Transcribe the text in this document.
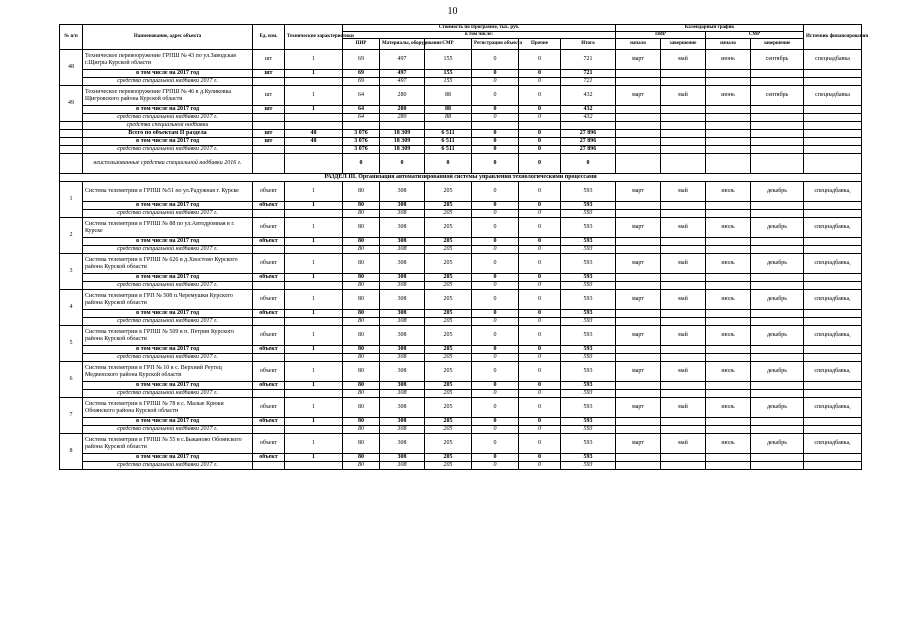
10
№ п/п	Наименование, адрес объекта	Ед. изм.	Технические характеристики	Стоимость по Программе, тыс. руб.						Календарный график				Источник финансирования
				в том числе:						ПИР		СМР		
				ПИР	Материалы, оборудование	СМР	Регистрация объекта	Прочие	Итого	начало	завершение	начало	завершение	
48	Техническое перевооружение ГРПШ № 43 по ул.Заводская г.Щигры Курской области	шт	1	69	497	155	0	0	721	март	май	июнь	сентябрь	спецнадбавка
	в том числе на 2017 год	шт	1	69	497	155	0	0	721					
	средства специальной надбавки 2017 г.			69	497	155	0	0	721					
49	Техническое перевооружение ГРПШ № 46 в д.Куликовка Щигровского района Курской области	шт	1	64	280	88	0	0	432	март	май	июнь	сентябрь	спецнадбавка
	в том числе на 2017 год	шт	1	64	280	88	0	0	432					
	средства специальной надбавки 2017 г.			64	280	88	0	0	432					
	средства специальной надбавки													
	Всего по объектам II раздела	шт	48	3 076	18 309	6 511	0	0	27 896					
	в том числе на 2017 год	шт	48	3 076	18 309	6 511	0	0	27 896					
	средства специальной надбавки 2017 г.			3 076	18 309	6 511	0	0	27 896					
	неиспользованные средства специальной надбавки 2016 г.			0	0	0	0	0	0					
РАЗДЕЛ III. Организация автоматизированной системы управления технологическими процессами														
1	Система телеметрии в ГРПШ №51 по ул.Радужная г. Курске	объект	1	80	308	205	0	0	593	март	май	июль	декабрь	спецнадбавка,
	в том числе на 2017 год	объект	1	80	308	205	0	0	593					
	средства специальной надбавки 2017 г.			80	308	205	0	0	593					
2	Система телеметрии в ГРПШ № 88 по ул.Автодромная в г. Курске	объект	1	80	308	205	0	0	593	март	май	июль	декабрь	спецнадбавка,
	в том числе на 2017 год	объект	1	80	308	205	0	0	593					
	средства специальной надбавки 2017 г.			80	308	205	0	0	593					
3	Система телеметрии в ГРПШ № 626 в д.Хвостово Курского района Курской области	объект	1	80	308	205	0	0	593	март	май	июль	декабрь	спецнадбавка,
	в том числе на 2017 год	объект	1	80	308	205	0	0	593					
	средства специальной надбавки 2017 г.			80	308	205	0	0	593					
4	Система телеметрии в ГРП № 508 п.Черемушки Курского района Курской области	объект	1	80	308	205	0	0	593	март	май	июль	декабрь	спецнадбавка,
	в том числе на 2017 год	объект	1	80	308	205	0	0	593					
	средства специальной надбавки 2017 г.			80	308	205	0	0	593					
5	Система телеметрии в ГРПШ № 509 в п. Петрин Курского района Курской области	объект	1	80	308	205	0	0	593	март	май	июль	декабрь	спецнадбавка,
	в том числе на 2017 год	объект	1	80	308	205	0	0	593					
	средства специальной надбавки 2017 г.			80	308	205	0	0	593					
6	Система телеметрии в ГРП № 10 в с. Верхний Реутец Медвенского района Курской области	объект	1	80	308	205	0	0	593	март	май	июль	декабрь	спецнадбавка,
	в том числе на 2017 год	объект	1	80	308	205	0	0	593					
	средства специальной надбавки 2017 г.			80	308	205	0	0	593					
7	Система телеметрии в ГРПШ № 78 в с. Малые Крюки Обоянского района Курской области	объект	1	80	308	205	0	0	593	март	май	июль	декабрь	спецнадбавка,
	в том числе на 2017 год	объект	1	80	308	205	0	0	593					
	средства специальной надбавки 2017 г.			80	308	205	0	0	593					
8	Система телеметрии в ГРПШ № 55 в с.Быканово Обоянского района Курской области	объект	1	80	308	205	0	0	593	март	май	июль	декабрь	спецнадбавка,
	в том числе на 2017 год	объект	1	80	308	205	0	0	593					
	средства специальной надбавки 2017 г.			80	308	205	0	0	593					
